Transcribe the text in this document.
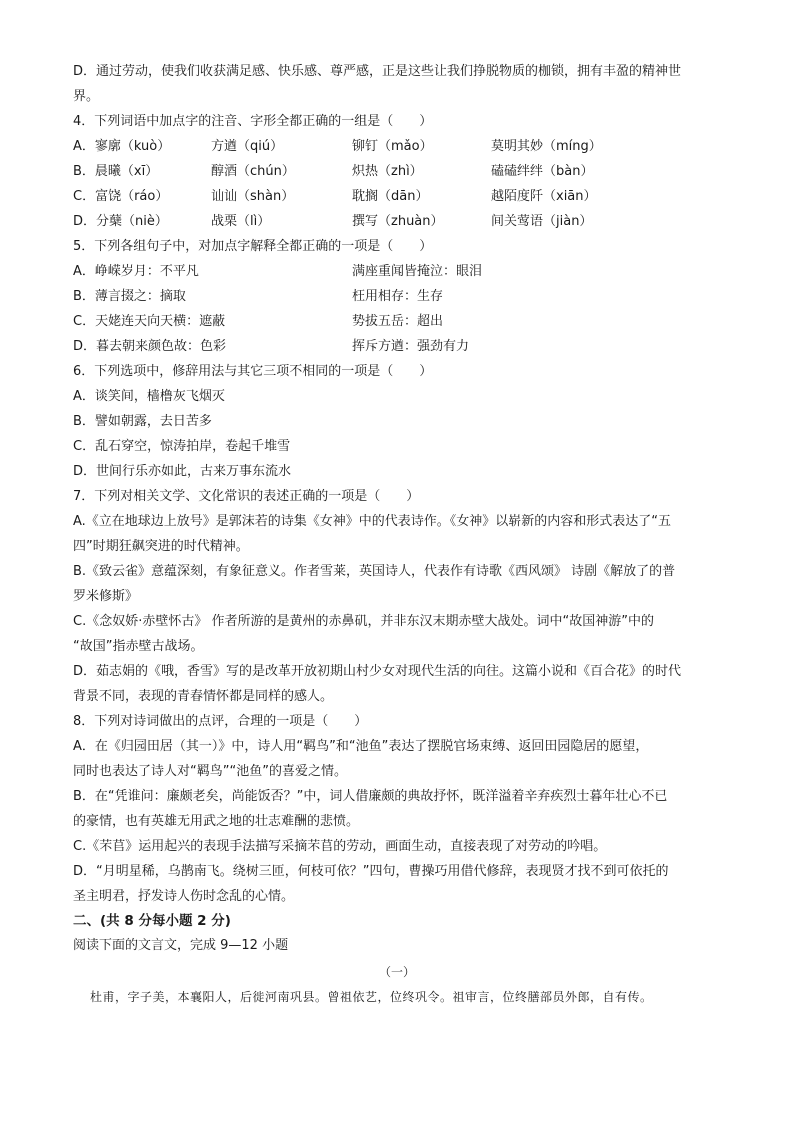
D．通过劳动，使我们收获满足感、快乐感、尊严感，正是这些让我们挣脱物质的枷锁，拥有丰盈的精神世
界。
4．下列词语中加点字的注音、字形全都正确的一组是（　　）
A．寥廓（kuò）	方遒（qiú）	铆钉（mǎo）	莫明其妙（míng）
B．晨曦（xī）	醇酒（chún）	炽热（zhì）	磕磕绊绊（bàn）
C．富饶（ráo）	讪讪（shàn）	耽搁（dān）	越陌度阡（xiān）
D．分蘖（niè）	战栗（lì）	撰写（zhuàn）	间关莺语（jiàn）
5．下列各组句子中，对加点字解释全都正确的一项是（　　）
A．峥嵘岁月：不平凡	满座重闻皆掩泣：眼泪
B．薄言掇之：摘取	枉用相存：生存
C．天姥连天向天横：遮蔽	势拔五岳：超出
D．暮去朝来颜色故：色彩	挥斥方遒：强劲有力
6．下列选项中，修辞用法与其它三项不相同的一项是（　　）
A．谈笑间，樯橹灰飞烟灭
B．譬如朝露，去日苦多
C．乱石穿空，惊涛拍岸，卷起千堆雪
D．世间行乐亦如此，古来万事东流水
7．下列对相关文学、文化常识的表述正确的一项是（　　）
A.《立在地球边上放号》是郭沫若的诗集《女神》中的代表诗作。《女神》以崭新的内容和形式表达了“五
四”时期狂飙突进的时代精神。
B.《致云雀》意蕴深刻，有象征意义。作者雪莱，英国诗人，代表作有诗歌《西风颂》 诗剧《解放了的普
罗米修斯》
C.《念奴娇·赤壁怀古》 作者所游的是黄州的赤鼻矶，并非东汉末期赤壁大战处。词中“故国神游”中的
“故国”指赤壁古战场。
D．茹志娟的《哦，香雪》写的是改革开放初期山村少女对现代生活的向往。这篇小说和《百合花》的时代
背景不同，表现的青春情怀都是同样的感人。
8．下列对诗词做出的点评，合理的一项是（　　）
A．在《归园田居（其一）》中，诗人用“羁鸟”和“池鱼”表达了摆脱官场束缚、返回田园隐居的愿望，
同时也表达了诗人对“羁鸟”“池鱼”的喜爱之情。
B．在“凭谁问：廉颇老矣，尚能饭否？”中，词人借廉颇的典故抒怀，既洋溢着辛弃疾烈士暮年壮心不已
的豪情，也有英雄无用武之地的壮志难酬的悲愤。
C.《芣苢》运用起兴的表现手法描写采摘芣苢的劳动，画面生动，直接表现了对劳动的吟唱。
D．“月明星稀，乌鹊南飞。绕树三匝，何枝可依？”四句，曹操巧用借代修辞，表现贤才找不到可依托的
圣主明君，抒发诗人伤时念乱的心情。
二、(共 8 分每小题 2 分)
阅读下面的文言文，完成 9—12 小题
（一）
杜甫，字子美，本襄阳人，后徙河南巩县。曾祖依艺，位终巩令。祖审言，位终膳部员外郎，自有传。
